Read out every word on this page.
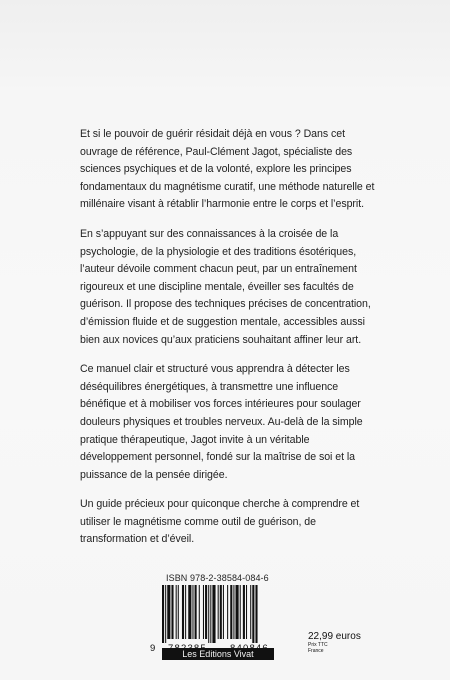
Et si le pouvoir de guérir résidait déjà en vous ? Dans cet ouvrage de référence, Paul-Clément Jagot, spécialiste des sciences psychiques et de la volonté, explore les principes fondamentaux du magnétisme curatif, une méthode naturelle et millénaire visant à rétablir l’harmonie entre le corps et l’esprit.

En s’appuyant sur des connaissances à la croisée de la psychologie, de la physiologie et des traditions ésotériques, l’auteur dévoile comment chacun peut, par un entraînement rigoureux et une discipline mentale, éveiller ses facultés de guérison. Il propose des techniques précises de concentration, d’émission fluide et de suggestion mentale, accessibles aussi bien aux novices qu’aux praticiens souhaitant affiner leur art.

Ce manuel clair et structuré vous apprendra à détecter les déséquilibres énergétiques, à transmettre une influence bénéfique et à mobiliser vos forces intérieures pour soulager douleurs physiques et troubles nerveux. Au-delà de la simple pratique thérapeutique, Jagot invite à un véritable développement personnel, fondé sur la maîtrise de soi et la puissance de la pensée dirigée.

Un guide précieux pour quiconque cherche à comprendre et utiliser le magnétisme comme outil de guérison, de transformation et d’éveil.

ISBN 978-2-38584-084-6
9
22,99 euros
Prix TTC
France
Les Editions Vivat
